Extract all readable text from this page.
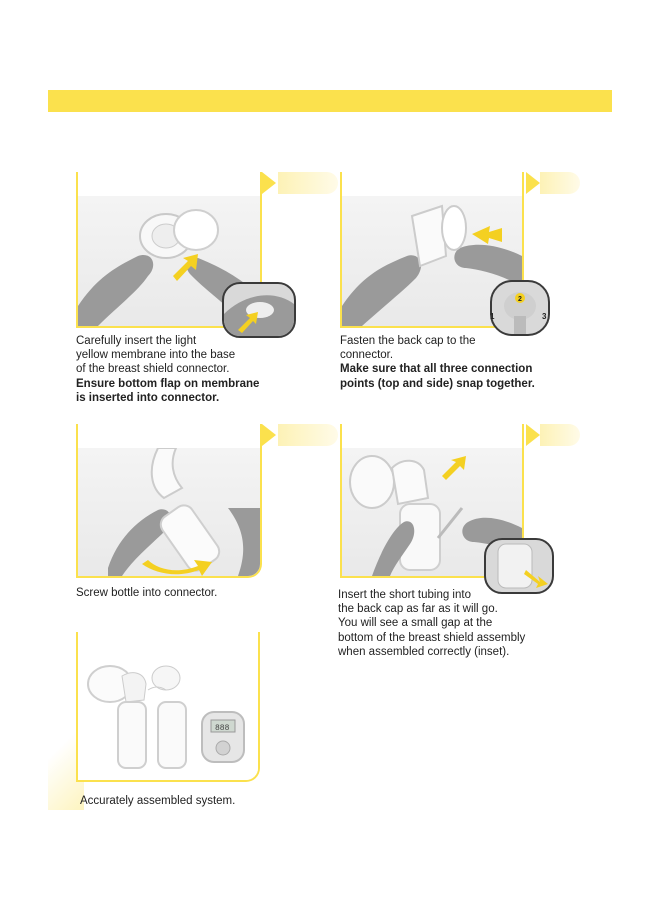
Carefully insert the light
yellow membrane into the base
of the breast shield connector.
Ensure bottom flap on membrane
is inserted into connector.
2
1	3
Fasten the back cap to the
connector.
Make sure that all three connection
points (top and side) snap together.
Screw bottle into connector.	Insert the short tubing into
the back cap as far as it will go.
You will see a small gap at the
bottom of the breast shield assembly
when assembled correctly (inset).
888
Accurately assembled system.
